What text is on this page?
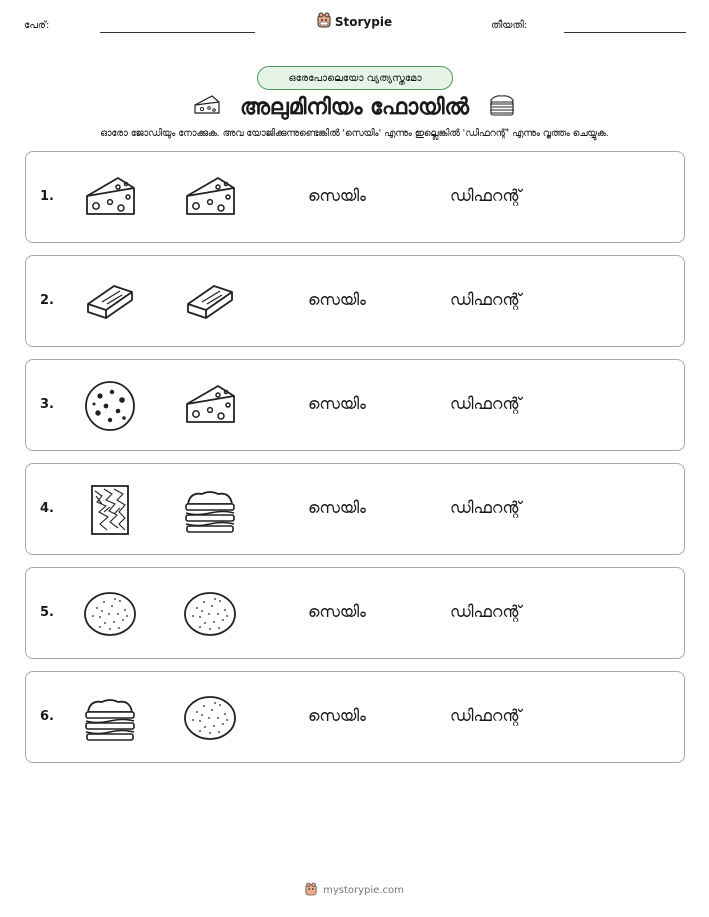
പേര്:	Storypie	തീയതി:
ഒരേപോലെയോ വ്യത്യസ്തമോ
അലുമിനിയം ഫോയിൽ
ഓരോ ജോഡിയും നോക്കുക. അവ യോജിക്കുന്നുണ്ടെങ്കിൽ 'സെയിം' എന്നും ഇല്ലെങ്കിൽ 'ഡിഫറന്റ്' എന്നും വൃത്തം ചെയ്യുക.
1.	സെയിം	ഡിഫറന്റ്
2.	സെയിം	ഡിഫറന്റ്
3.	സെയിം	ഡിഫറന്റ്
4.	സെയിം	ഡിഫറന്റ്
5.	സെയിം	ഡിഫറന്റ്
6.	സെയിം	ഡിഫറന്റ്
mystorypie.com
